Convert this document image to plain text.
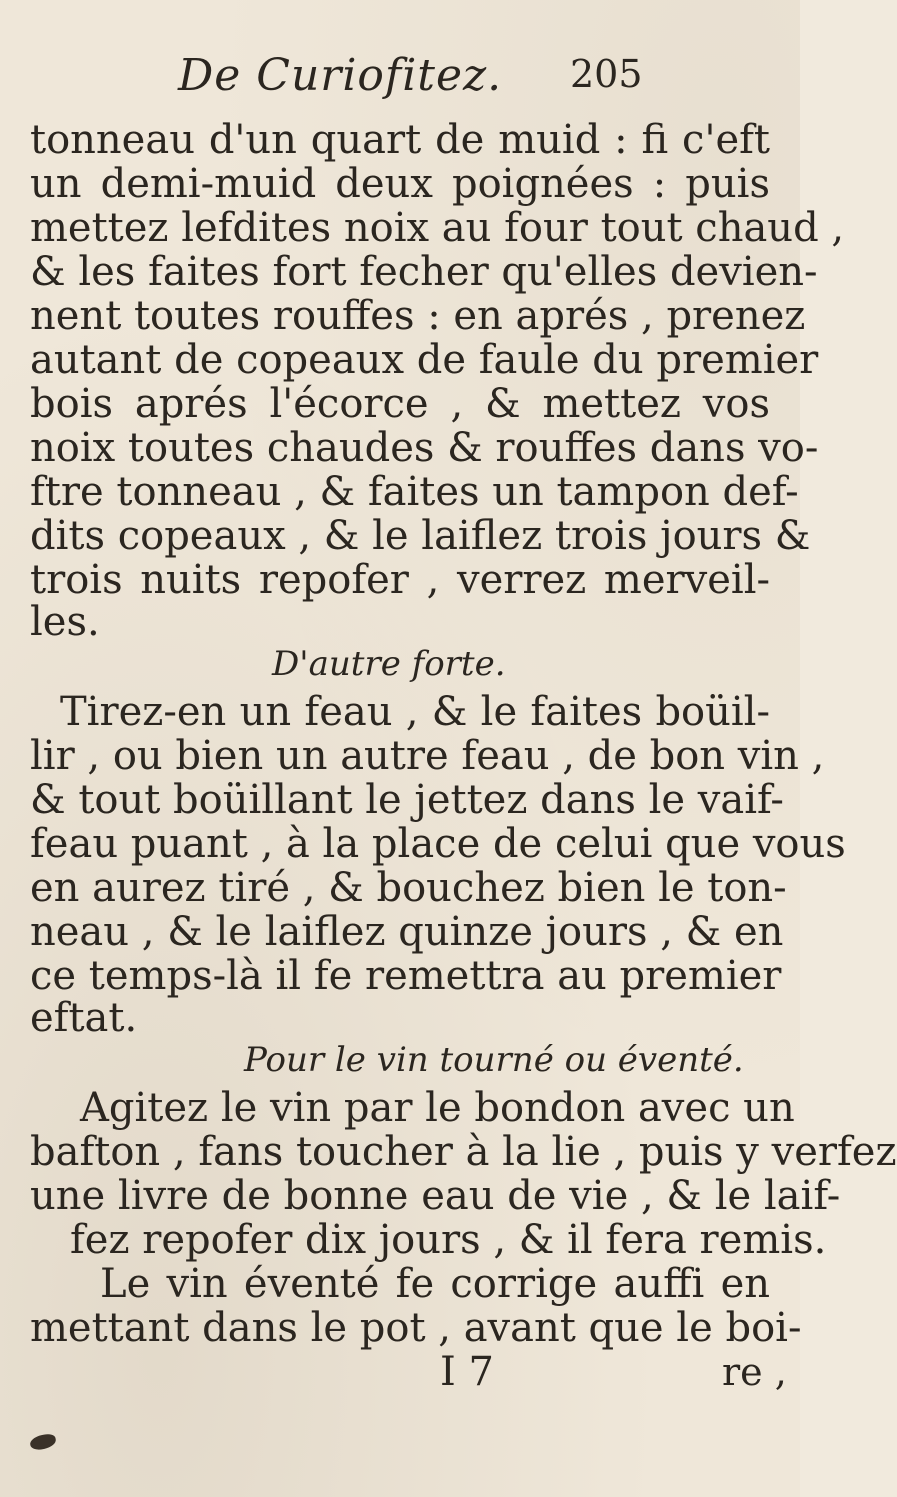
De Curiofitez. 205
tonneau d'un quart de muid : fi c'eft
un demi-muid deux poignées : puis
mettez lefdites noix au four tout chaud ,
& les faites fort fecher qu'elles devien-
nent toutes rouffes : en aprés , prenez
autant de copeaux de faule du premier
bois aprés l'écorce , & mettez vos
noix toutes chaudes & rouffes dans vo-
ftre tonneau , & faites un tampon def-
dits copeaux , & le laiflez trois jours &
trois nuits repofer , verrez merveil-
les.
D'autre forte.
Tirez-en un feau , & le faites boüil-
lir , ou bien un autre feau , de bon vin ,
& tout boüillant le jettez dans le vaif-
feau puant , à la place de celui que vous
en aurez tiré , & bouchez bien le ton-
neau , & le laiflez quinze jours , & en
ce temps-là il fe remettra au premier
eftat.
Pour le vin tourné ou éventé.
Agitez le vin par le bondon avec un
bafton , fans toucher à la lie , puis y verfez
une livre de bonne eau de vie , & le laif-
fez repofer dix jours , & il fera remis.
Le vin éventé fe corrige auffi en
mettant dans le pot , avant que le boi-
I 7	re ,
